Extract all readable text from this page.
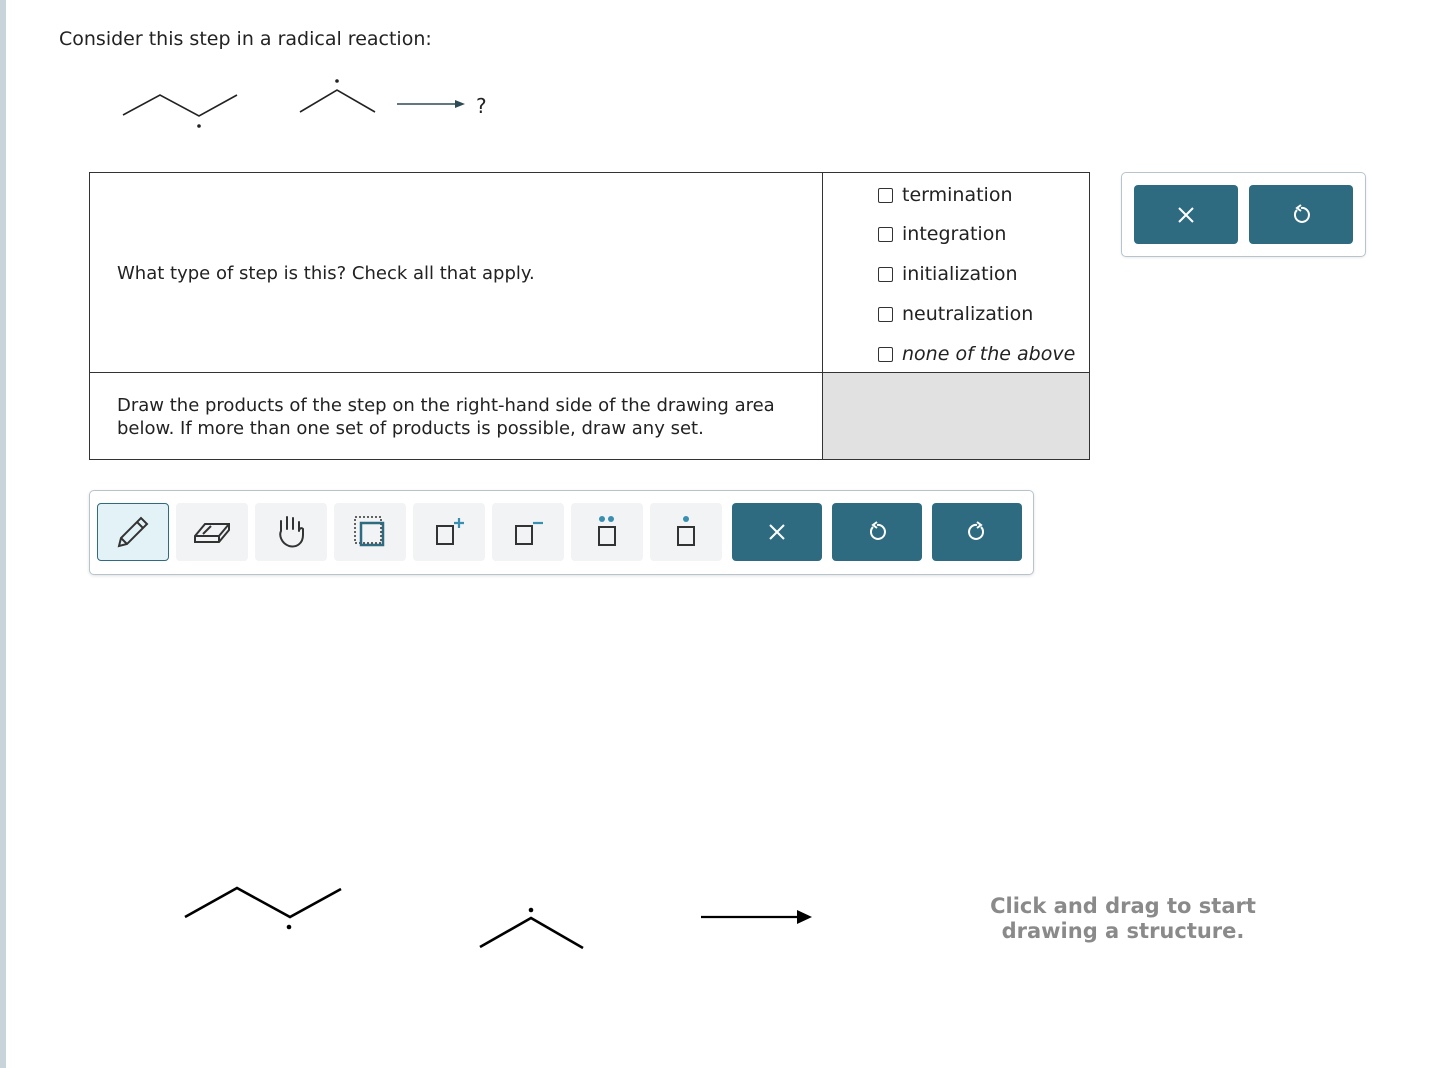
Consider this step in a radical reaction:
?
What type of step is this? Check all that apply.
termination
integration
initialization
neutralization
none of the above
Draw the products of the step on the right-hand side of the drawing area
below. If more than one set of products is possible, draw any set.
Click and drag to start
drawing a structure.
